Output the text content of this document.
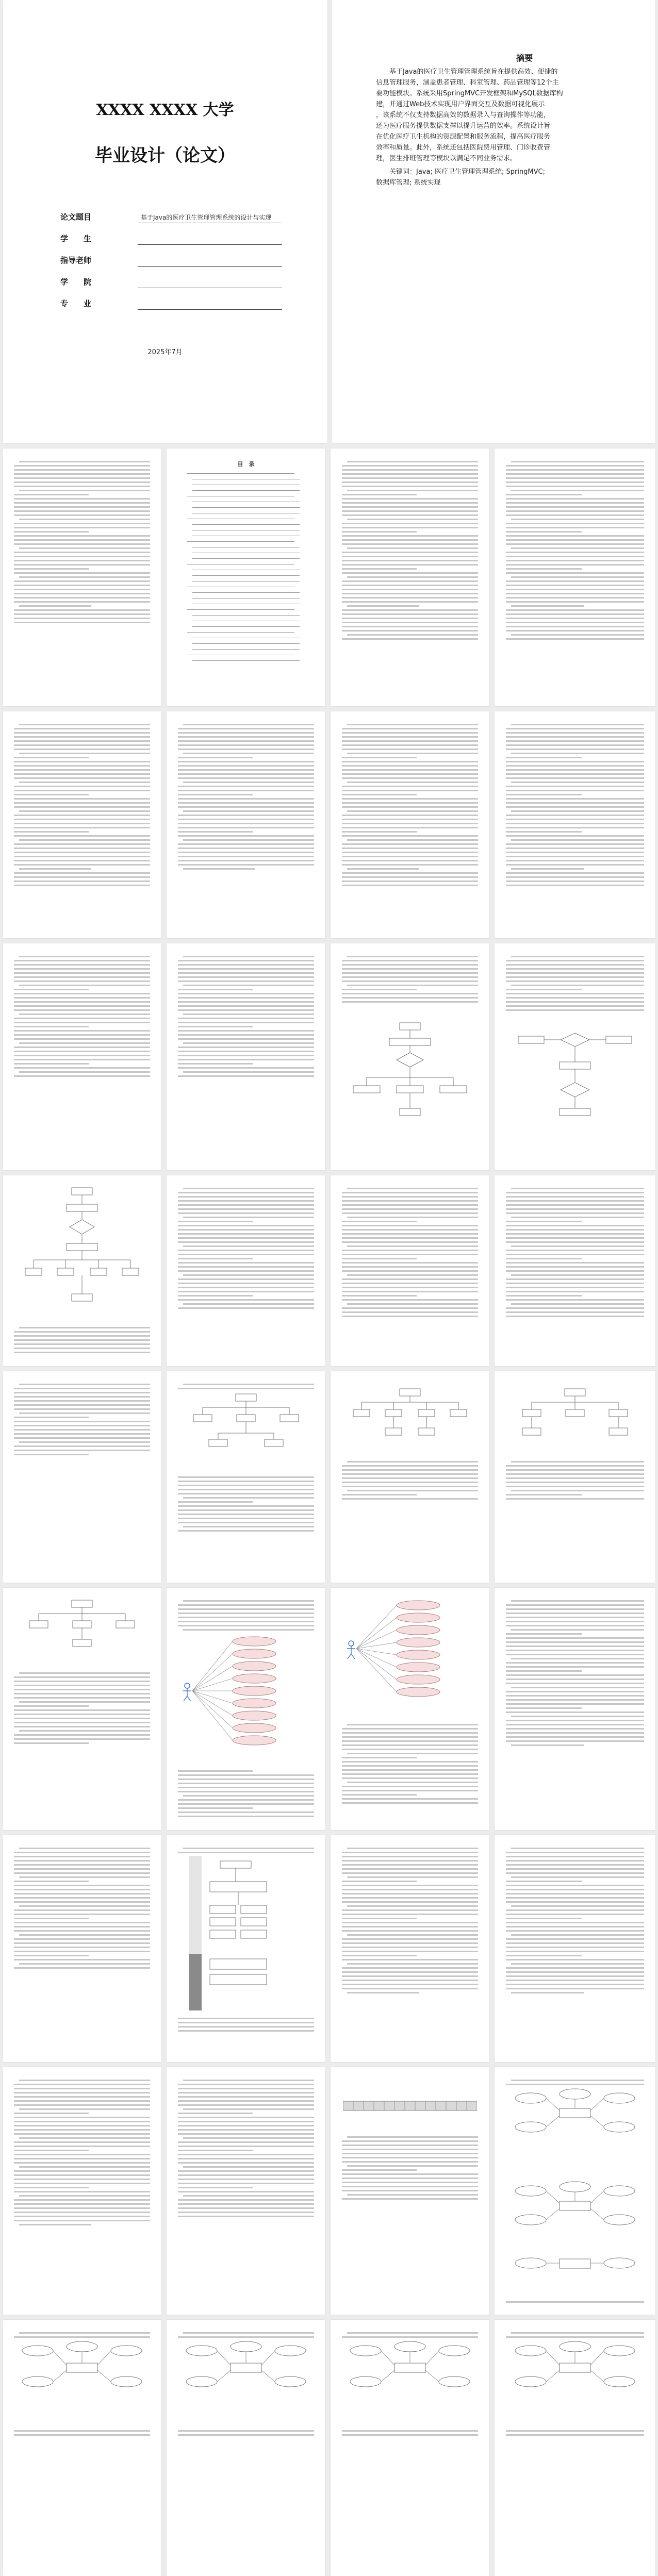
XXXX XXXX 大学
毕业设计（论文）
论文题目	基于Java的医疗卫生管理管理系统的设计与实现
学　　生
指导老师
学　　院
专　　业
2025年7月
摘要
基于Java的医疗卫生管理管理系统旨在提供高效、便捷的
信息管理服务，涵盖患者管理、科室管理、药品管理等12个主
要功能模块。系统采用SpringMVC开发框架和MySQL数据库构
建，并通过Web技术实现用户界面交互及数据可视化展示
，该系统不仅支持数据高效的数据录入与查询操作等功能，
还为医疗服务提供数据支撑以提升运营的效率。系统设计旨
在优化医疗卫生机构的资源配置和服务流程，提高医疗服务
效率和质量。此外，系统还包括医院费用管理、门诊收费管
理，医生排班管理等模块以满足不同业务需求。
关键词：Java; 医疗卫生管理管理系统; SpringMVC;
数据库管理; 系统实现
目　录
